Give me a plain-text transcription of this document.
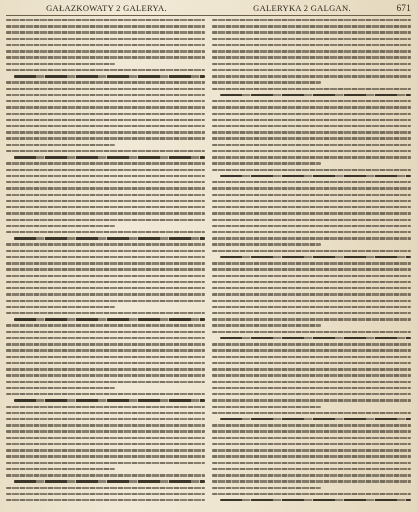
GAŁAZKOWATY 2 GALERYA.	GALERYKA 2 GALGAN.	671
